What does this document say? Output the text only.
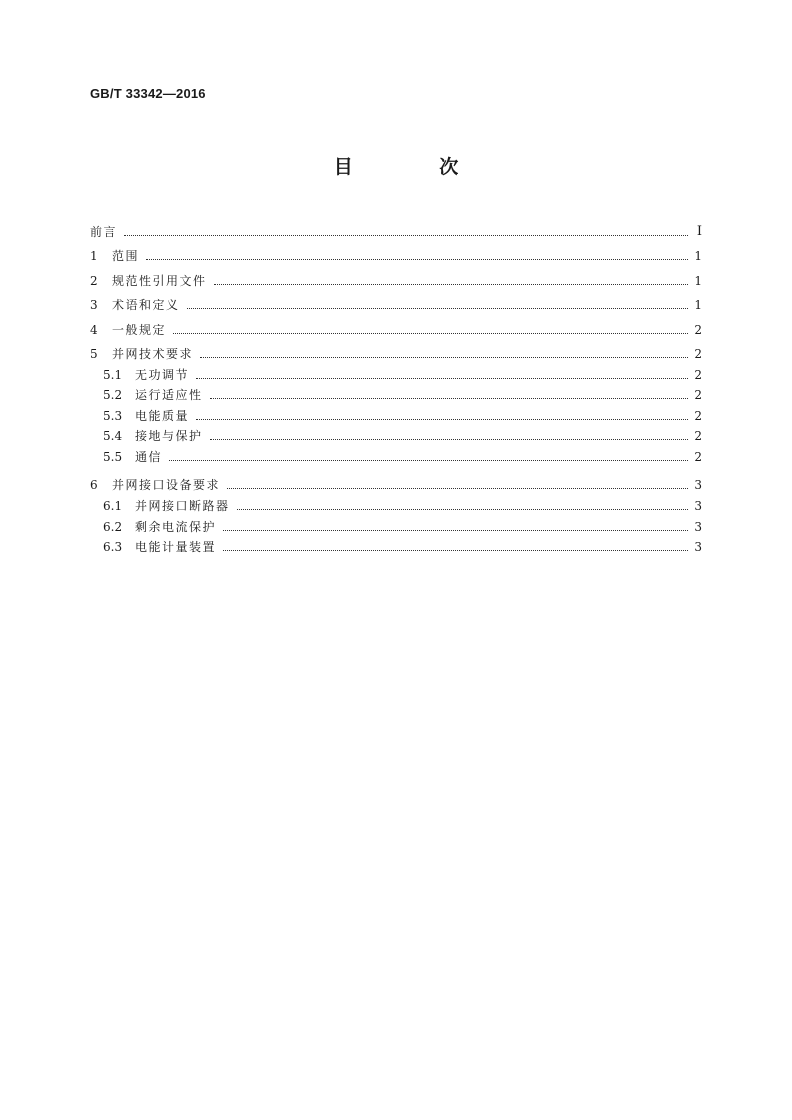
GB/T 33342—2016
目 次
前言	I
1	范围	1
2	规范性引用文件	1
3	术语和定义	1
4	一般规定	2
5	并网技术要求	2
5.1	无功调节	2
5.2	运行适应性	2
5.3	电能质量	2
5.4	接地与保护	2
5.5	通信	2
6	并网接口设备要求	3
6.1	并网接口断路器	3
6.2	剩余电流保护	3
6.3	电能计量装置	3
